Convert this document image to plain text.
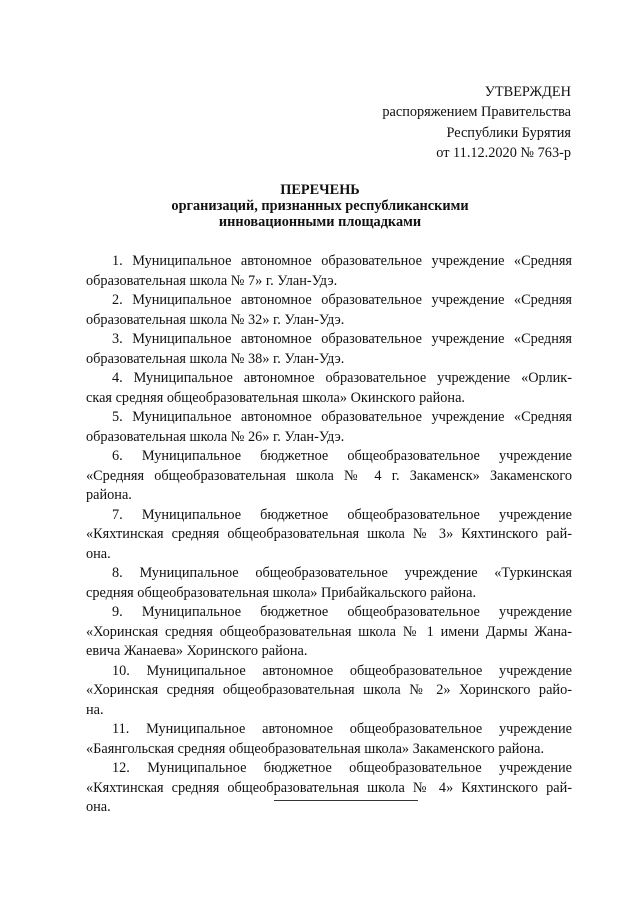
УТВЕРЖДЕН
распоряжением Правительства
Республики Бурятия
от 11.12.2020 № 763-р
ПЕРЕЧЕНЬ
организаций, признанных республиканскими
инновационными площадками
1. Муниципальное автономное образовательное учреждение «Средняя
образовательная школа № 7» г. Улан-Удэ.
2. Муниципальное автономное образовательное учреждение «Средняя
образовательная школа № 32» г. Улан-Удэ.
3. Муниципальное автономное образовательное учреждение «Средняя
образовательная школа № 38» г. Улан-Удэ.
4. Муниципальное автономное образовательное учреждение «Орлик-
ская средняя общеобразовательная школа» Окинского района.
5. Муниципальное автономное образовательное учреждение «Средняя
образовательная школа № 26» г. Улан-Удэ.
6. Муниципальное бюджетное общеобразовательное учреждение
«Средняя общеобразовательная школа № 4 г. Закаменск» Закаменского
района.
7. Муниципальное бюджетное общеобразовательное учреждение
«Кяхтинская средняя общеобразовательная школа № 3» Кяхтинского рай-
она.
8. Муниципальное общеобразовательное учреждение «Туркинская
средняя общеобразовательная школа» Прибайкальского района.
9. Муниципальное бюджетное общеобразовательное учреждение
«Хоринская средняя общеобразовательная школа № 1 имени Дармы Жана-
евича Жанаева» Хоринского района.
10. Муниципальное автономное общеобразовательное учреждение
«Хоринская средняя общеобразовательная школа № 2» Хоринского райо-
на.
11. Муниципальное автономное общеобразовательное учреждение
«Баянгольская средняя общеобразовательная школа» Закаменского района.
12. Муниципальное бюджетное общеобразовательное учреждение
«Кяхтинская средняя общеобразовательная школа № 4» Кяхтинского рай-
она.
